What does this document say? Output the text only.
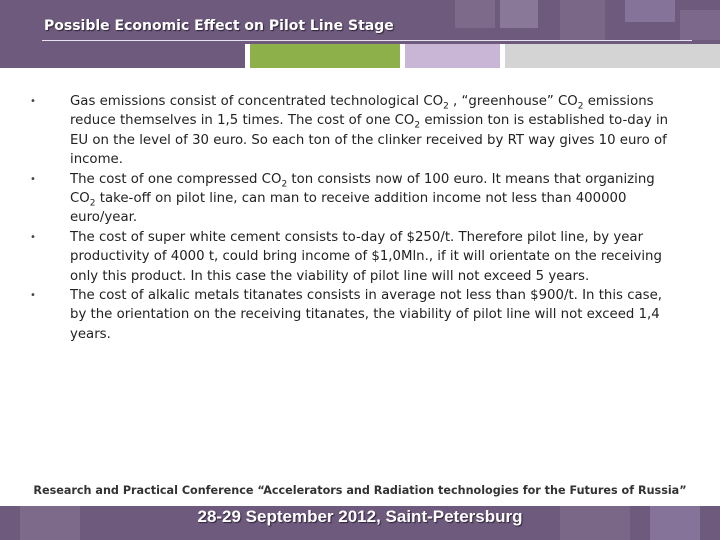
Possible Economic Effect on Pilot Line Stage
•	Gas emissions consist of concentrated technological $CO_2$ , “greenhouse” $CO_2$ emissions reduce themselves in 1,5 times. The cost of one $CO_2$ emission ton is established to-day in EU on the level of 30 euro. So each ton of the clinker received by RT way gives 10 euro of income.
•	The cost of one compressed $CO_2$ ton consists now of 100 euro. It means that organizing $CO_2$ take-off on pilot line, can man to receive addition income not less than 400000 euro/year.
•	The cost of super white cement consists to-day of $250/t. Therefore pilot line, by year productivity of 4000 t, could bring income of $1,0Mln., if it will orientate on the receiving only this product. In this case the viability of pilot line will not exceed 5 years.
•	The cost of alkalic metals titanates consists in average not less than $900/t. In this case, by the orientation on the receiving titanates, the viability of pilot line will not exceed 1,4 years.
Research and Practical Conference “Accelerators and Radiation technologies for the Futures of Russia”
28-29 September 2012, Saint-Petersburg
